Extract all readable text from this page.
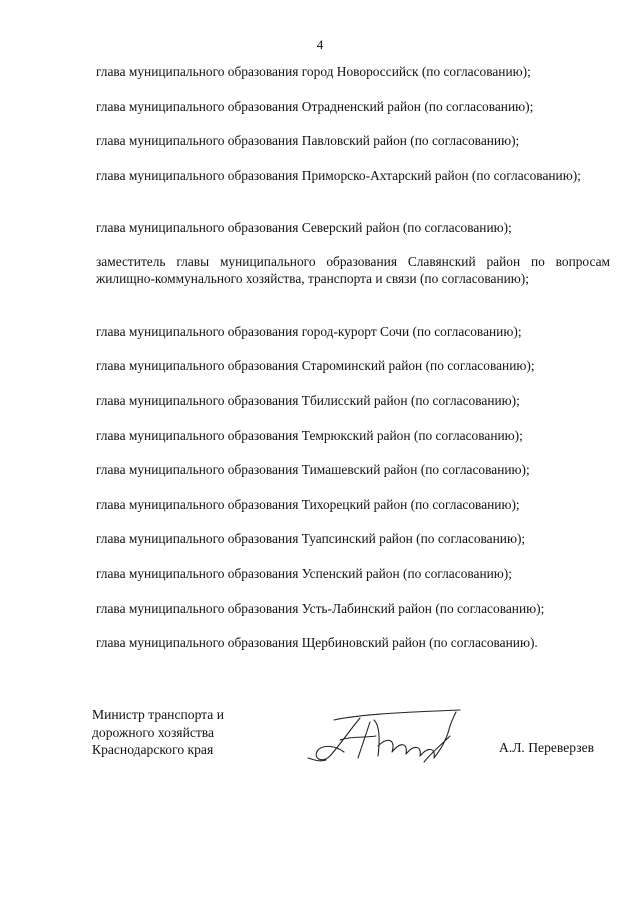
4
глава муниципального образования город Новороссийск (по согласованию);
глава муниципального образования Отрадненский район (по согласованию);
глава муниципального образования Павловский район (по согласованию);
глава муниципального образования Приморско-Ахтарский район (по согласованию);
глава муниципального образования Северский район (по согласованию);
заместитель главы муниципального образования Славянский район по вопросам жилищно-коммунального хозяйства, транспорта и связи (по согласованию);
глава муниципального образования город-курорт Сочи (по согласованию);
глава муниципального образования Староминский район (по согласованию);
глава муниципального образования Тбилисский район (по согласованию);
глава муниципального образования Темрюкский район (по согласованию);
глава муниципального образования Тимашевский район (по согласованию);
глава муниципального образования Тихорецкий район (по согласованию);
глава муниципального образования Туапсинский район (по согласованию);
глава муниципального образования Успенский район (по согласованию);
глава муниципального образования Усть-Лабинский район (по согласованию);
глава муниципального образования Щербиновский район (по согласованию).
Министр транспорта и
дорожного хозяйства
Краснодарского края	А.Л. Переверзев
